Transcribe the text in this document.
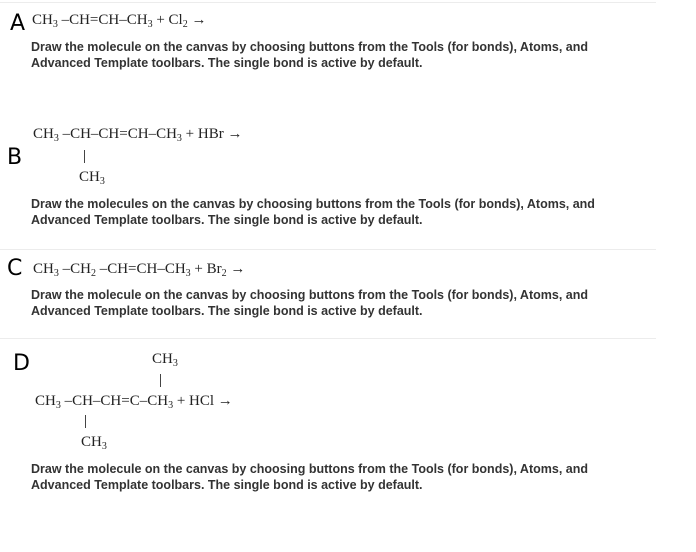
A $CH_3$ $-CH=CH-CH_3 + Cl_2$ →
Draw the molecule on the canvas by choosing buttons from the Tools (for bonds), Atoms, and
Advanced Template toolbars. The single bond is active by default.
B
$CH_3$ $-CH-CH=CH-CH_3$ + HBr →
$CH_3$
Draw the molecules on the canvas by choosing buttons from the Tools (for bonds), Atoms, and
Advanced Template toolbars. The single bond is active by default.
C $CH_3$ $-CH_2$ $-CH=CH-CH_3 + Br_2$ →
Draw the molecule on the canvas by choosing buttons from the Tools (for bonds), Atoms, and
Advanced Template toolbars. The single bond is active by default.
D	$CH_3$
$CH_3$ $-CH-CH=C-CH_3$ + HCl →
$CH_3$
Draw the molecule on the canvas by choosing buttons from the Tools (for bonds), Atoms, and
Advanced Template toolbars. The single bond is active by default.
